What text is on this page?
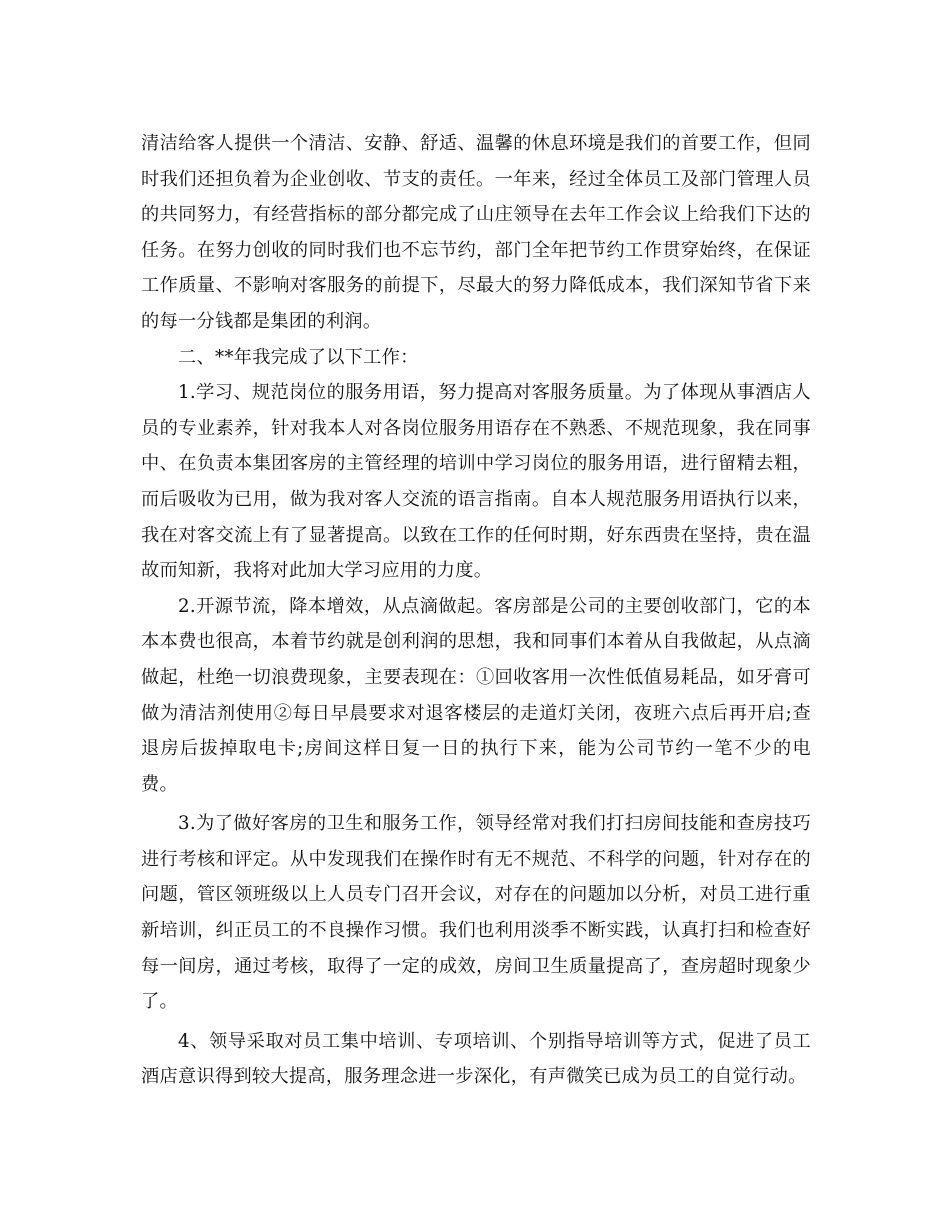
清洁给客人提供一个清洁、安静、舒适、温馨的休息环境是我们的首要工作，但同时我们还担负着为企业创收、节支的责任。一年来，经过全体员工及部门管理人员的共同努力，有经营指标的部分都完成了山庄领导在去年工作会议上给我们下达的任务。在努力创收的同时我们也不忘节约，部门全年把节约工作贯穿始终，在保证工作质量、不影响对客服务的前提下，尽最大的努力降低成本，我们深知节省下来的每一分钱都是集团的利润。

二、**年我完成了以下工作：

1.学习、规范岗位的服务用语，努力提高对客服务质量。为了体现从事酒店人员的专业素养，针对我本人对各岗位服务用语存在不熟悉、不规范现象，我在同事中、在负责本集团客房的主管经理的培训中学习岗位的服务用语，进行留精去粗，而后吸收为已用，做为我对客人交流的语言指南。自本人规范服务用语执行以来，我在对客交流上有了显著提高。以致在工作的任何时期，好东西贵在坚持，贵在温故而知新，我将对此加大学习应用的力度。

2.开源节流，降本增效，从点滴做起。客房部是公司的主要创收部门，它的本本本费也很高，本着节约就是创利润的思想，我和同事们本着从自我做起，从点滴做起，杜绝一切浪费现象，主要表现在：①回收客用一次性低值易耗品，如牙膏可做为清洁剂使用②每日早晨要求对退客楼层的走道灯关闭，夜班六点后再开启;查退房后拔掉取电卡;房间这样日复一日的执行下来，能为公司节约一笔不少的电费。

3.为了做好客房的卫生和服务工作，领导经常对我们打扫房间技能和查房技巧进行考核和评定。从中发现我们在操作时有无不规范、不科学的问题，针对存在的问题，管区领班级以上人员专门召开会议，对存在的问题加以分析，对员工进行重新培训，纠正员工的不良操作习惯。我们也利用淡季不断实践，认真打扫和检查好每一间房，通过考核，取得了一定的成效，房间卫生质量提高了，查房超时现象少了。

4、领导采取对员工集中培训、专项培训、个别指导培训等方式，促进了员工酒店意识得到较大提高，服务理念进一步深化，有声微笑已成为员工的自觉行动。
